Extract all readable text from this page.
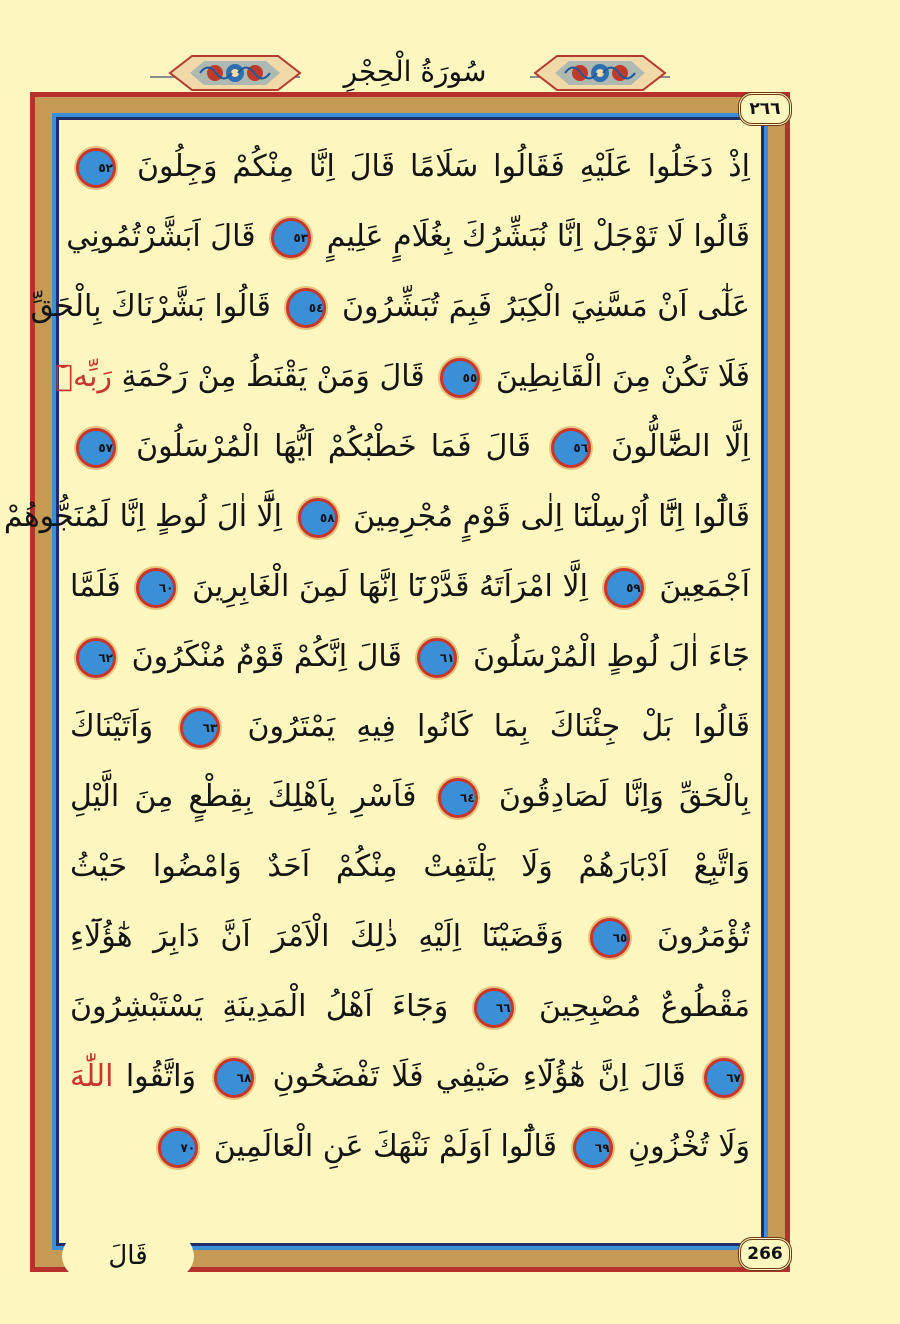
سُورَةُ الْحِجْرِ
٢٦٦
اِذْ دَخَلُوا عَلَيْهِ فَقَالُوا سَلَامًا قَالَ اِنَّا مِنْكُمْ وَجِلُونَ ٥٢
قَالُوا لَا تَوْجَلْ اِنَّا نُبَشِّرُكَ بِغُلَامٍ عَلِيمٍ ٥٣ قَالَ اَبَشَّرْتُمُونِي
عَلٰٓى اَنْ مَسَّنِيَ الْكِبَرُ فَبِمَ تُبَشِّرُونَ ٥٤ قَالُوا بَشَّرْنَاكَ بِالْحَقِّ
فَلَا تَكُنْ مِنَ الْقَانِطِينَ ٥٥ قَالَ وَمَنْ يَقْنَطُ مِنْ رَحْمَةِ رَبِّهٖٓ
اِلَّا الضَّٓالُّونَ ٥٦ قَالَ فَمَا خَطْبُكُمْ اَيُّهَا الْمُرْسَلُونَ ٥٧
قَالُٓوا اِنَّٓا اُرْسِلْنَٓا اِلٰى قَوْمٍ مُجْرِمِينَ ٥٨ اِلَّٓا اٰلَ لُوطٍ اِنَّا لَمُنَجُّوهُمْ
اَجْمَعِينَ ٥٩ اِلَّا امْرَاَتَهُ قَدَّرْنَٓا اِنَّهَا لَمِنَ الْغَابِرِينَ ٦٠ فَلَمَّا
جَٓاءَ اٰلَ لُوطٍ الْمُرْسَلُونَ ٦١ قَالَ اِنَّكُمْ قَوْمٌ مُنْكَرُونَ ٦٢
قَالُوا بَلْ جِئْنَاكَ بِمَا كَانُوا فِيهِ يَمْتَرُونَ ٦٣ وَاَتَيْنَاكَ
بِالْحَقِّ وَاِنَّا لَصَادِقُونَ ٦٤ فَاَسْرِ بِاَهْلِكَ بِقِطْعٍ مِنَ الَّيْلِ
وَاتَّبِعْ اَدْبَارَهُمْ وَلَا يَلْتَفِتْ مِنْكُمْ اَحَدٌ وَامْضُوا حَيْثُ
تُؤْمَرُونَ ٦٥ وَقَضَيْنَٓا اِلَيْهِ ذٰلِكَ الْاَمْرَ اَنَّ دَابِرَ هٰٓؤُلَٓاءِ
مَقْطُوعٌ مُصْبِحِينَ ٦٦ وَجَٓاءَ اَهْلُ الْمَدِينَةِ يَسْتَبْشِرُونَ
٦٧ قَالَ اِنَّ هٰٓؤُلَٓاءِ ضَيْفِي فَلَا تَفْضَحُونِ ٦٨ وَاتَّقُوا اللّٰهَ
وَلَا تُخْزُونِ ٦٩ قَالُٓوا اَوَلَمْ نَنْهَكَ عَنِ الْعَالَمِينَ ٧٠
266
قَالَ
